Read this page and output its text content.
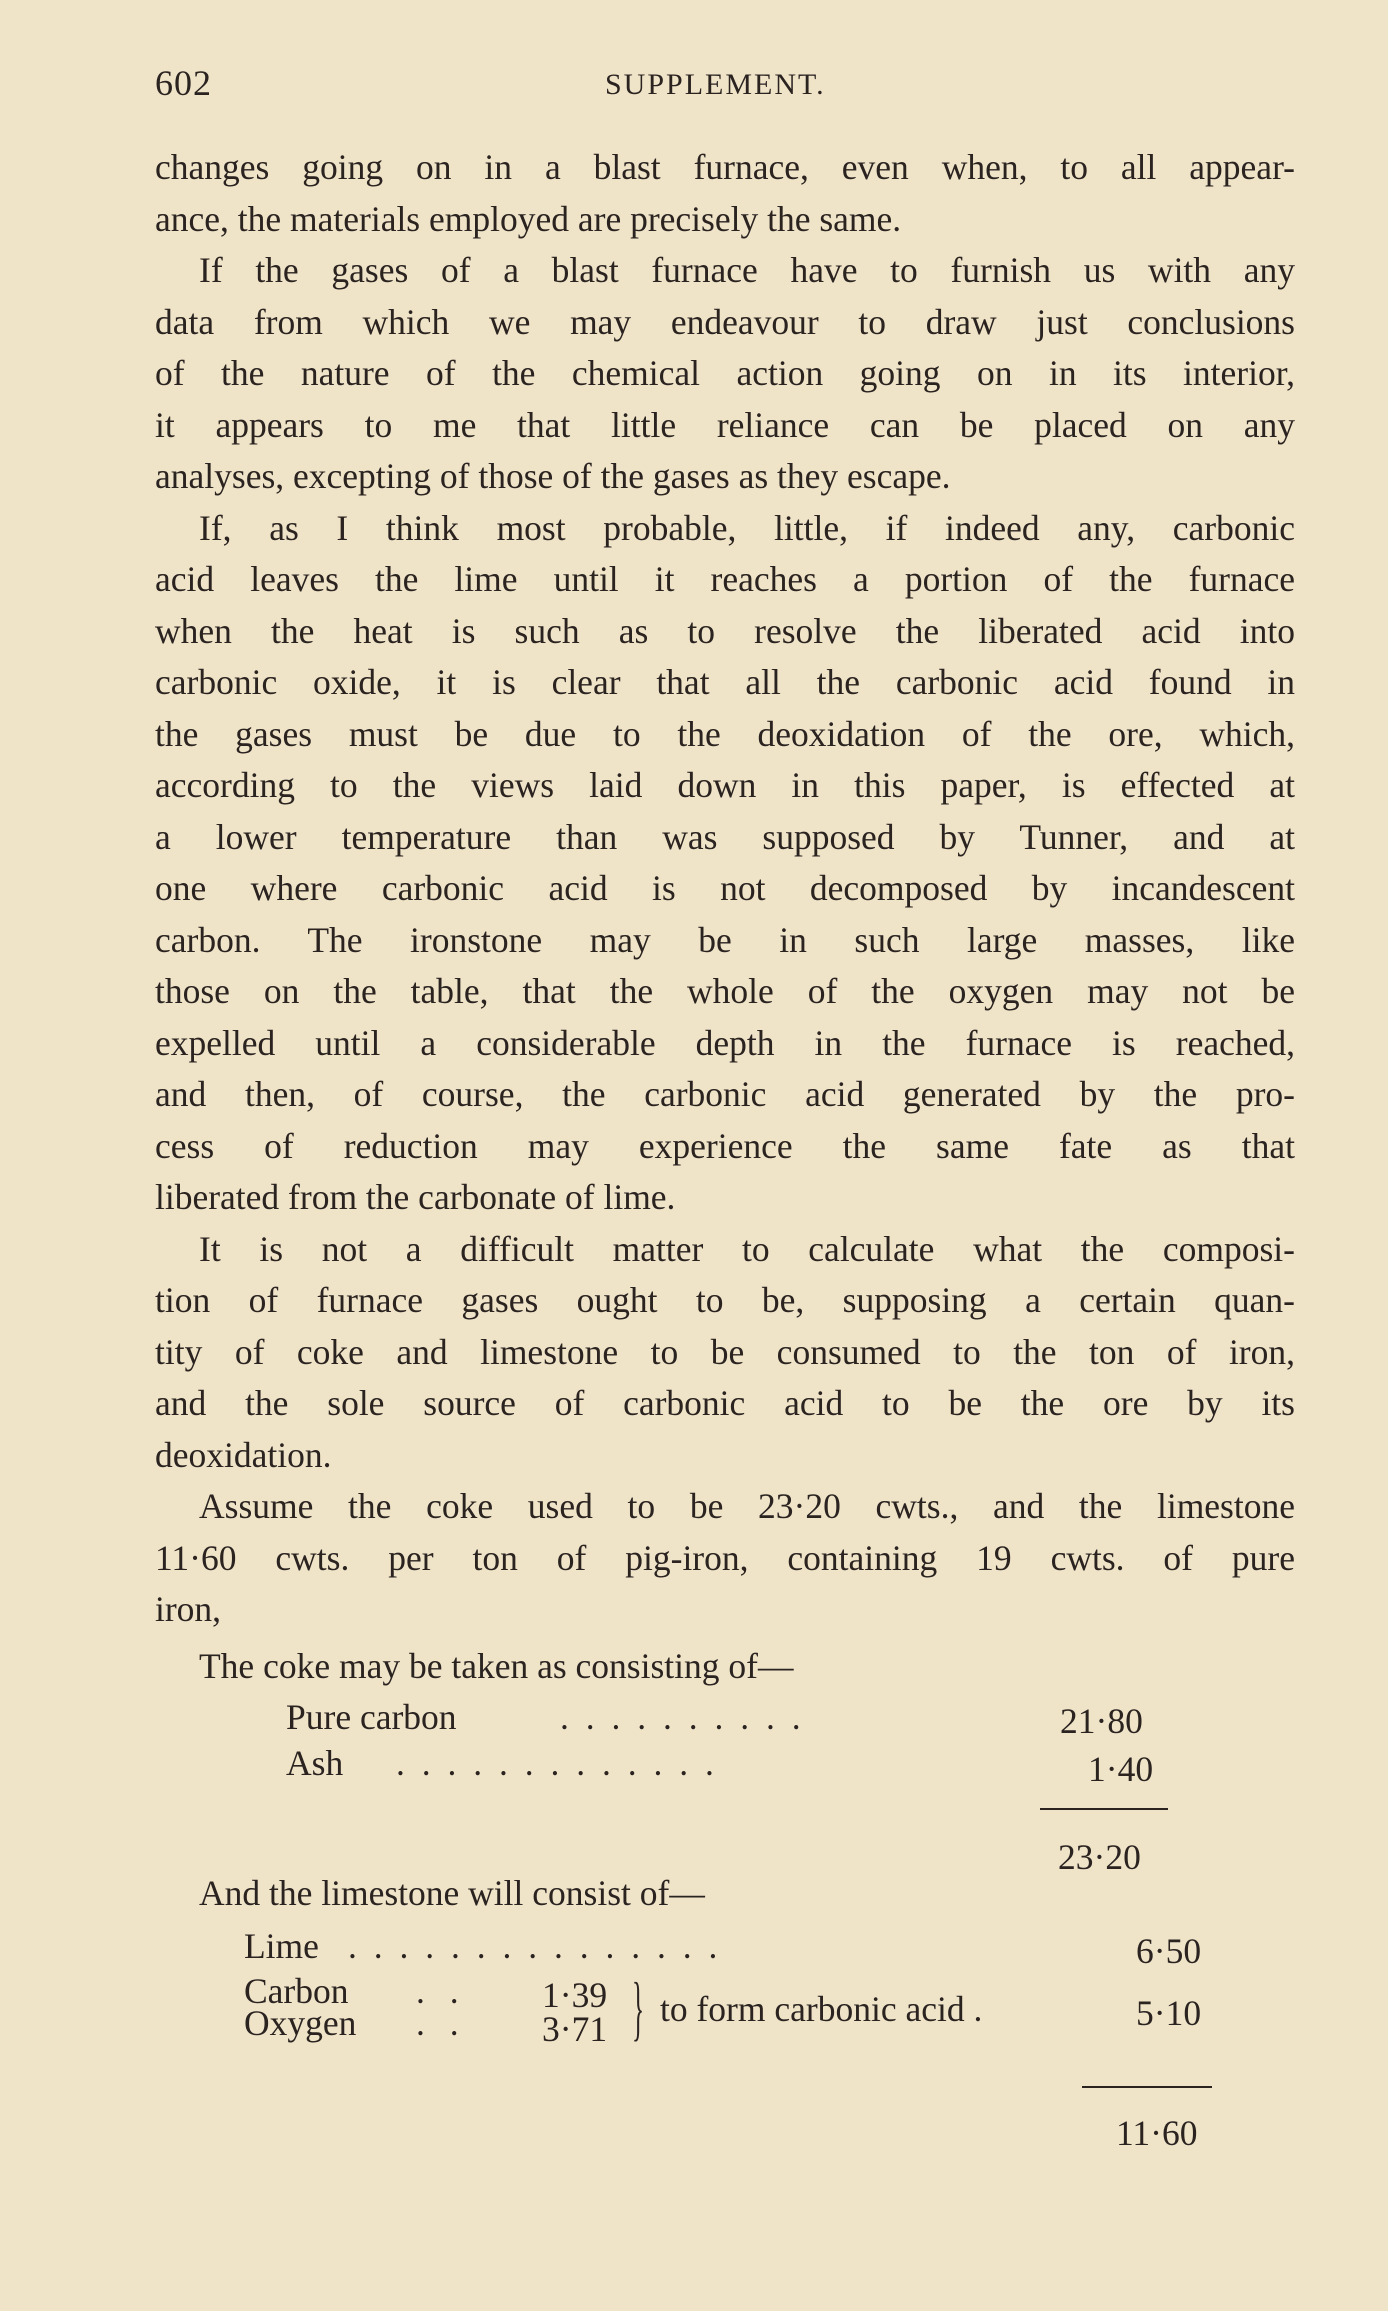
602	SUPPLEMENT.
changes going on in a blast furnace, even when, to all appear-
ance, the materials employed are precisely the same.
If the gases of a blast furnace have to furnish us with any
data from which we may endeavour to draw just conclusions
of the nature of the chemical action going on in its interior,
it appears to me that little reliance can be placed on any
analyses, excepting of those of the gases as they escape.
If, as I think most probable, little, if indeed any, carbonic
acid leaves the lime until it reaches a portion of the furnace
when the heat is such as to resolve the liberated acid into
carbonic oxide, it is clear that all the carbonic acid found in
the gases must be due to the deoxidation of the ore, which,
according to the views laid down in this paper, is effected at
a lower temperature than was supposed by Tunner, and at
one where carbonic acid is not decomposed by incandescent
carbon. The ironstone may be in such large masses, like
those on the table, that the whole of the oxygen may not be
expelled until a considerable depth in the furnace is reached,
and then, of course, the carbonic acid generated by the pro-
cess of reduction may experience the same fate as that
liberated from the carbonate of lime.
It is not a difficult matter to calculate what the composi-
tion of furnace gases ought to be, supposing a certain quan-
tity of coke and limestone to be consumed to the ton of iron,
and the sole source of carbonic acid to be the ore by its
deoxidation.
Assume the coke used to be 23·20 cwts., and the limestone
11·60 cwts. per ton of pig-iron, containing 19 cwts. of pure
iron,
The coke may be taken as consisting of—
Pure carbon	. . . . . . . . . .	21·80
Ash . . . . . . . . . . . . .	1·40
23·20
And the limestone will consist of—
Lime . . . . . . . . . . . . . . .	6·50
Carbon . . 1·39
Oxygen . . 3·71 } to form carbonic acid .	5·10
11·60
